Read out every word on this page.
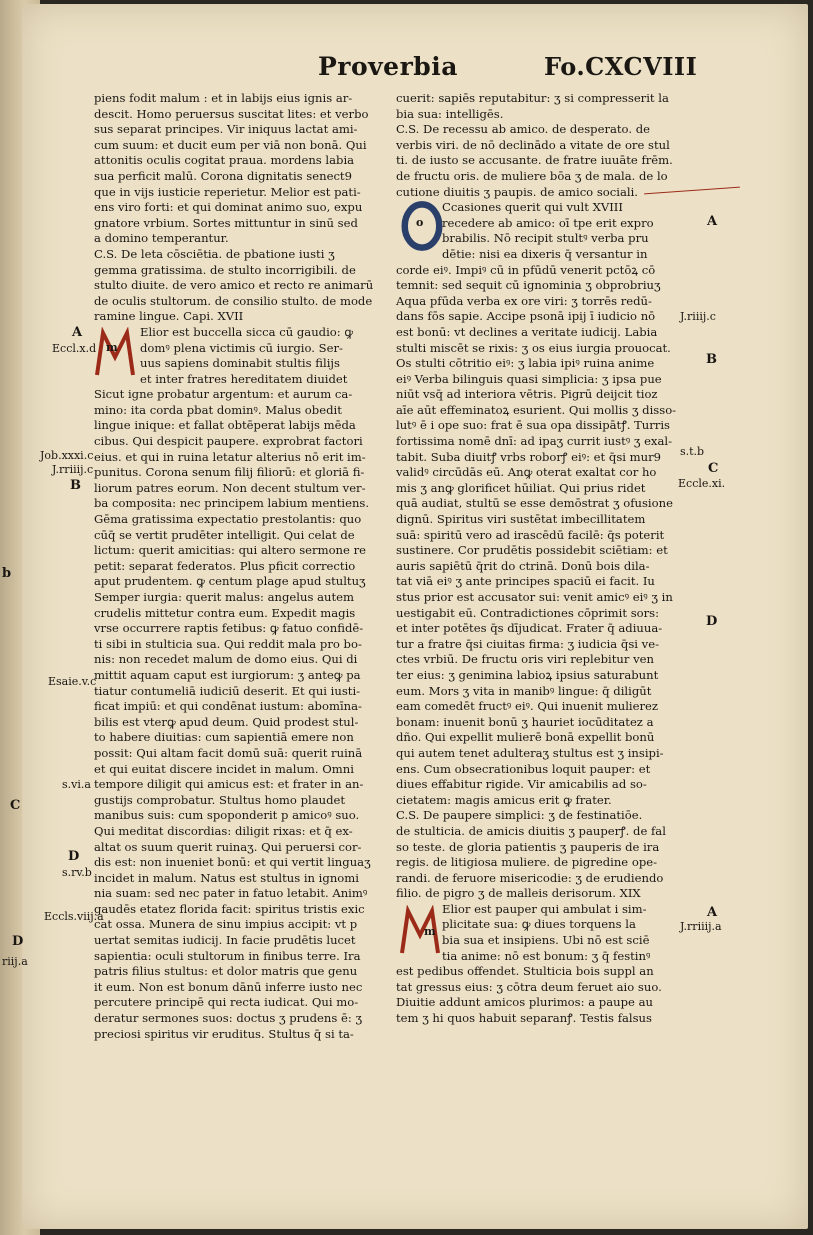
Proverbia	Fo.CXCVIII
piens fodit malum : et in labijs eius ignis ar-
descit. Homo peruersus suscitat lites: et verbo
sus separat principes. Vir iniquus lactat ami-
cum suum: et ducit eum per viā non bonā. Qui
attonitis oculis cogitat praua. mordens labia
sua perficit malū. Corona dignitatis senect9
que in vijs iusticie reperietur. Melior est pati-
ens viro forti: et qui dominat animo suo, expu
gnatore vrbium. Sortes mittuntur in sinū sed
a domino temperantur.
C.S. De leta cōsciētia. de pbatione iusti ʒ
gemma gratissima. de stulto incorrigibili. de
stulto diuite. de vero amico et recto re animarū
de oculis stultorum. de consilio stulto. de mode
ramine lingue. Capi. XVII
Elior est buccella sicca cū gaudio: ꝙ
domꝰ plena victimis cū iurgio. Ser-
uus sapiens dominabit stultis filijs
et inter fratres hereditatem diuidet
Sicut igne probatur argentum: et aurum ca-
mino: ita corda pbat dominꝰ. Malus obedit
lingue inique: et fallat obtēperat labijs mēda
cibus. Qui despicit paupere. exprobrat factori
eius. et qui in ruina letatur alterius nō erit im-
punitus. Corona senum filij filiorū: et gloriā fi-
liorum patres eorum. Non decent stultum ver-
ba composita: nec principem labium mentiens.
Gēma gratissima expectatio prestolantis: quo
cūq̄ se vertit prudēter intelligit. Qui celat de
lictum: querit amicitias: qui altero sermone re
petit: separat federatos. Plus pficit correctio
aput prudentem. ꝙ centum plage apud stultuʒ
Semper iurgia: querit malus: angelus autem
crudelis mittetur contra eum. Expedit magis
vrse occurrere raptis fetibus: ꝙ fatuo confidē-
ti sibi in stulticia sua. Qui reddit mala pro bo-
nis: non recedet malum de domo eius. Qui di
mittit aquam caput est iurgiorum: ʒ anteꝙ pa
tiatur contumeliā iudiciū deserit. Et qui iusti-
ficat impiū: et qui condēnat iustum: abomīna-
bilis est vterꝙ apud deum. Quid prodest stul-
to habere diuitias: cum sapientiā emere non
possit: Qui altam facit domū suā: querit ruinā
et qui euitat discere incidet in malum. Omni
tempore diligit qui amicus est: et frater in an-
gustijs comprobatur. Stultus homo plaudet
manibus suis: cum spoponderit p amicoꝰ suo.
Qui meditat discordias: diligit rixas: et q̄ ex-
altat os suum querit ruinaʒ. Qui peruersi cor-
dis est: non inueniet bonū: et qui vertit linguaʒ
incidet in malum. Natus est stultus in ignomi
nia suam: sed nec pater in fatuo letabit. Animꝰ
gaudēs etatez florida facit: spiritus tristis exic
cat ossa. Munera de sinu impius accipit: vt p
uertat semitas iudicij. In facie prudētis lucet
sapientia: oculi stultorum in finibus terre. Ira
patris filius stultus: et dolor matris que genu
it eum. Non est bonum dānū inferre iusto nec
percutere principē qui recta iudicat. Qui mo-
deratur sermones suos: doctus ʒ prudens ē: ʒ
preciosi spiritus vir eruditus. Stultus q̄ si ta-
cuerit: sapiēs reputabitur: ʒ si compresserit la
bia sua: intelligēs.
C.S. De recessu ab amico. de desperato. de
verbis viri. de nō declinādo a vitate de ore stul
ti. de iusto se accusante. de fratre iuuāte frēm.
de fructu oris. de muliere bōa ʒ de mala. de lo
cutione diuitis ʒ paupis. de amico sociali.
Ccasiones querit qui vult XVIII
recedere ab amico: oī tpe erit expro
brabilis. Nō recipit stultꝰ verba pru
dētie: nisi ea dixeris q̄ versantur in
corde eiꝰ. Impiꝰ cū in pfūdū venerit pctōꝝ cō
temnit: sed sequit cū ignominia ʒ obprobriuʒ
Aqua pfūda verba ex ore viri: ʒ torrēs redū-
dans fōs sapie. Accipe psonā ipij ī iudicio nō
est bonū: vt declines a veritate iudicij. Labia
stulti miscēt se rixis: ʒ os eius iurgia prouocat.
Os stulti cōtritio eiꝰ: ʒ labia ipiꝰ ruina anime
eiꝰ Verba bilinguis quasi simplicia: ʒ ipsa pue
niūt vsq̄ ad interiora vētris. Pigrū deijcit tioz
aīe aūt effeminatoꝝ esurient. Qui mollis ʒ disso-
lutꝰ ē i ope suo: frat ē sua opa dissipātꝭ. Turris
fortissima nomē dnī: ad ipaʒ currit iustꝰ ʒ exal-
tabit. Suba diuitꝭ vrbs roborꝭ eiꝰ: et q̄si mur9
validꝰ circūdās eū. Anꝙ oterat exaltat cor ho
mis ʒ anꝙ glorificet hūiliat. Qui prius ridet
quā audiat, stultū se esse demōstrat ʒ ofusione
dignū. Spiritus viri sustētat imbecillitatem
suā: spiritū vero ad irascēdū facilē: q̄s poterit
sustinere. Cor prudētis possidebit sciētiam: et
auris sapiētū q̄rit do ctrinā. Donū bois dila-
tat viā eiꝰ ʒ ante principes spaciū ei facit. Iu
stus prior est accusator sui: venit amicꝰ eiꝰ ʒ in
uestigabit eū. Contradictiones cōprimit sors:
et inter potētes q̄s dījudicat. Frater q̄ adiuua-
tur a fratre q̄si ciuitas firma: ʒ iudicia q̄si ve-
ctes vrbiū. De fructu oris viri replebitur ven
ter eius: ʒ genimina labioꝝ ipsius saturabunt
eum. Mors ʒ vita in manibꝰ lingue: q̄ diligūt
eam comedēt fructꝰ eiꝰ. Qui inuenit mulierez
bonam: inuenit bonū ʒ hauriet iocūditatez a
dño. Qui expellit mulierē bonā expellit bonū
qui autem tenet adulteraʒ stultus est ʒ insipi-
ens. Cum obsecrationibus loquit pauper: et
diues effabitur rigide. Vir amicabilis ad so-
cietatem: magis amicus erit ꝙ frater.
C.S. De paupere simplici: ʒ de festinatiōe.
de stulticia. de amicis diuitis ʒ pauperꝭ. de fal
so teste. de gloria patientis ʒ pauperis de ira
regis. de litigiosa muliere. de pigredine ope-
randi. de feruore misericodie: ʒ de erudiendo
filio. de pigro ʒ de malleis derisorum. XIX
Elior est pauper qui ambulat i sim-
plicitate sua: ꝙ diues torquens la
bia sua et insipiens. Ubi nō est sciē
tia anime: nō est bonum: ʒ q̄ festinꝰ
est pedibus offendet. Stulticia bois suppl an
tat gressus eius: ʒ cōtra deum feruet aio suo.
Diuitie addunt amicos plurimos: a paupe au
tem ʒ hi quos habuit separanꝭ. Testis falsus
m
o
m
A
Eccl.x.d
Job.xxxi.c
J.rriiij.c
B
b
Esaie.v.c
s.vi.a
C
D
s.rv.b
Eccls.viij.a
D
riij.a
A
J.riiij.c
B
s.t.b
C
Eccle.xi.
D
A
J.rriiij.a
